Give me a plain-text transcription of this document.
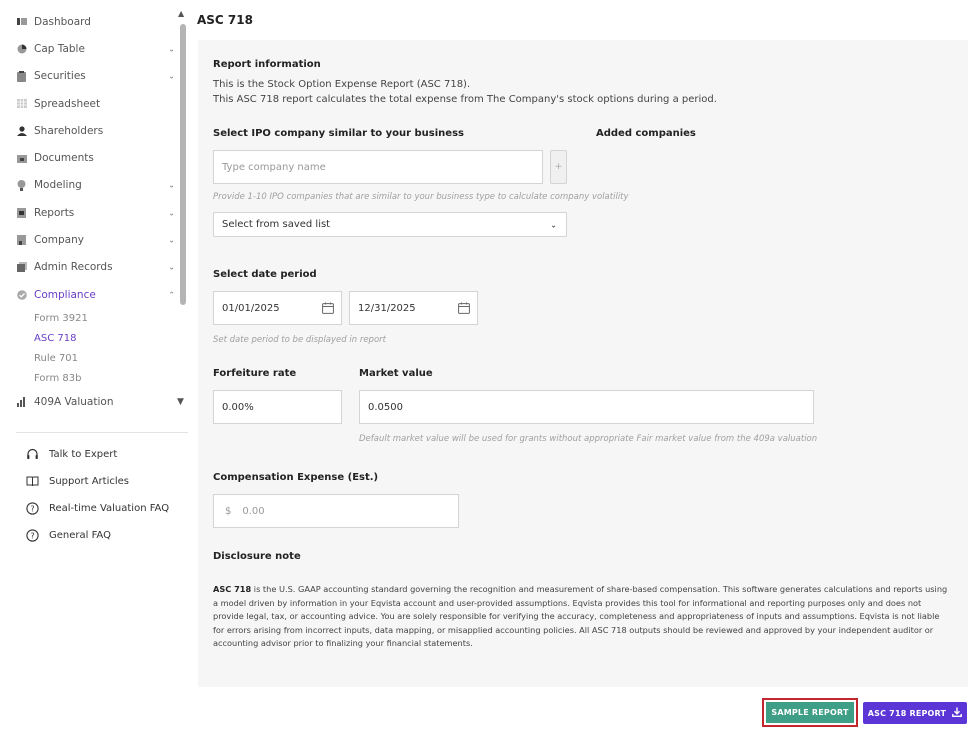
Dashboard
Cap Table	⌄
Securities	⌄
Spreadsheet
Shareholders
Documents
Modeling	⌄
Reports	⌄
Company	⌄
Admin Records	⌄
Compliance	⌃
Form 3921
ASC 718
Rule 701
Form 83b
409A Valuation
▲
▼
Talk to Expert
Support Articles
? Real-time Valuation FAQ
? General FAQ
ASC 718
Report information
This is the Stock Option Expense Report (ASC 718).
This ASC 718 report calculates the total expense from The Company's stock options during a period.
Select IPO company similar to your business	Added companies
Type company name	+
Provide 1-10 IPO companies that are similar to your business type to calculate company volatility
Select from saved list	⌄
Select date period
01/01/2025	12/31/2025
Set date period to be displayed in report
Forfeiture rate	Market value
0.00%	0.0500
Default market value will be used for grants without appropriate Fair market value from the 409a valuation
Compensation Expense (Est.)
$ 0.00
Disclosure note
ASC 718 is the U.S. GAAP accounting standard governing the recognition and measurement of share-based compensation. This software generates calculations and reports using a model driven by information in your Eqvista account and user-provided assumptions. Eqvista provides this tool for informational and reporting purposes only and does not provide legal, tax, or accounting advice. You are solely responsible for verifying the accuracy, completeness and appropriateness of inputs and assumptions. Eqvista is not liable for errors arising from incorrect inputs, data mapping, or misapplied accounting policies. All ASC 718 outputs should be reviewed and approved by your independent auditor or accounting advisor prior to finalizing your financial statements.
SAMPLE REPORT	ASC 718 REPORT
